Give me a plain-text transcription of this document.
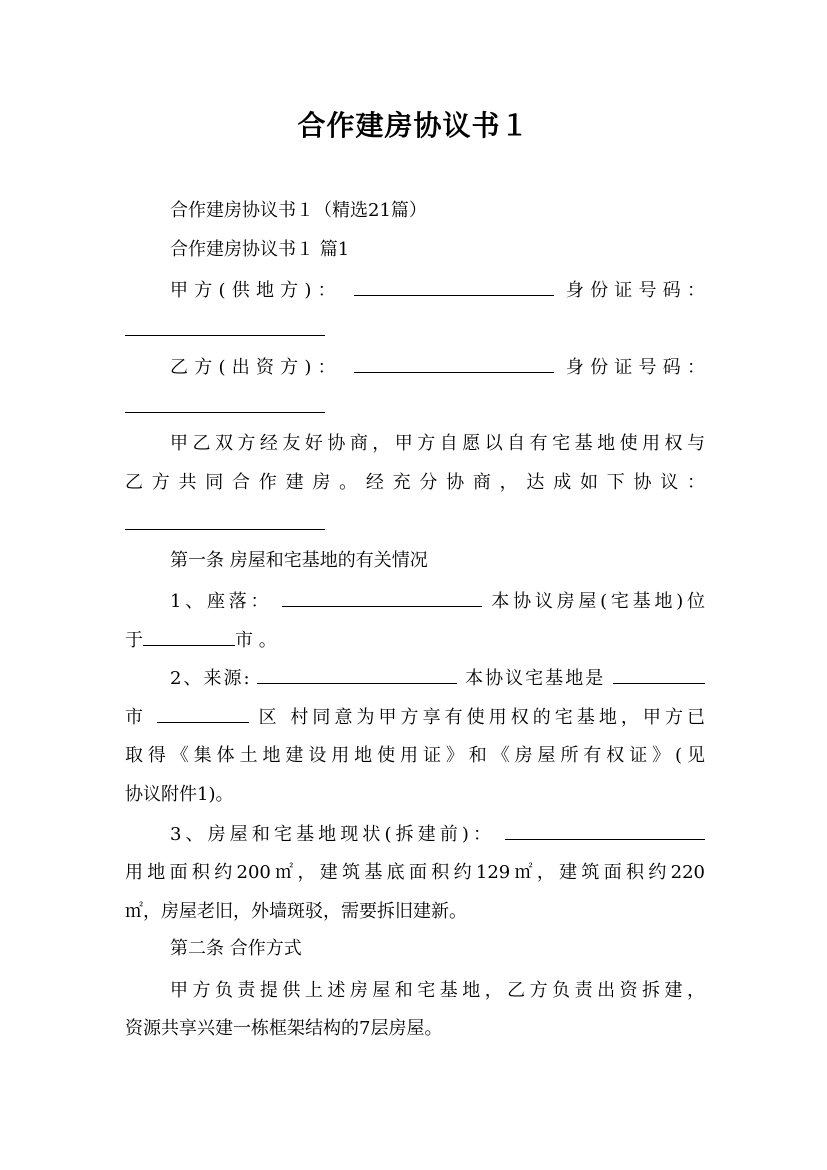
合作建房协议书１
合作建房协议书１（精选21篇）
合作建房协议书１ 篇1
甲方(供地方)：	身份证号码：
乙方(出资方)：	身份证号码：
甲乙双方经友好协商，甲方自愿以自有宅基地使用权与
乙方共同合作建房。经充分协商，达成如下协议：
第一条 房屋和宅基地的有关情况
1、座落：	本协议房屋(宅基地)位
于	市 。
2、来源:	本协议宅基地是
市	区 村同意为甲方享有使用权的宅基地，甲方已
取得《集体土地建设用地使用证》和《房屋所有权证》(见
协议附件1)。
3、房屋和宅基地现状(拆建前)：
用地面积约200㎡，建筑基底面积约129㎡，建筑面积约220
㎡，房屋老旧，外墙斑驳，需要拆旧建新。
第二条 合作方式
甲方负责提供上述房屋和宅基地，乙方负责出资拆建，
资源共享兴建一栋框架结构的7层房屋。
